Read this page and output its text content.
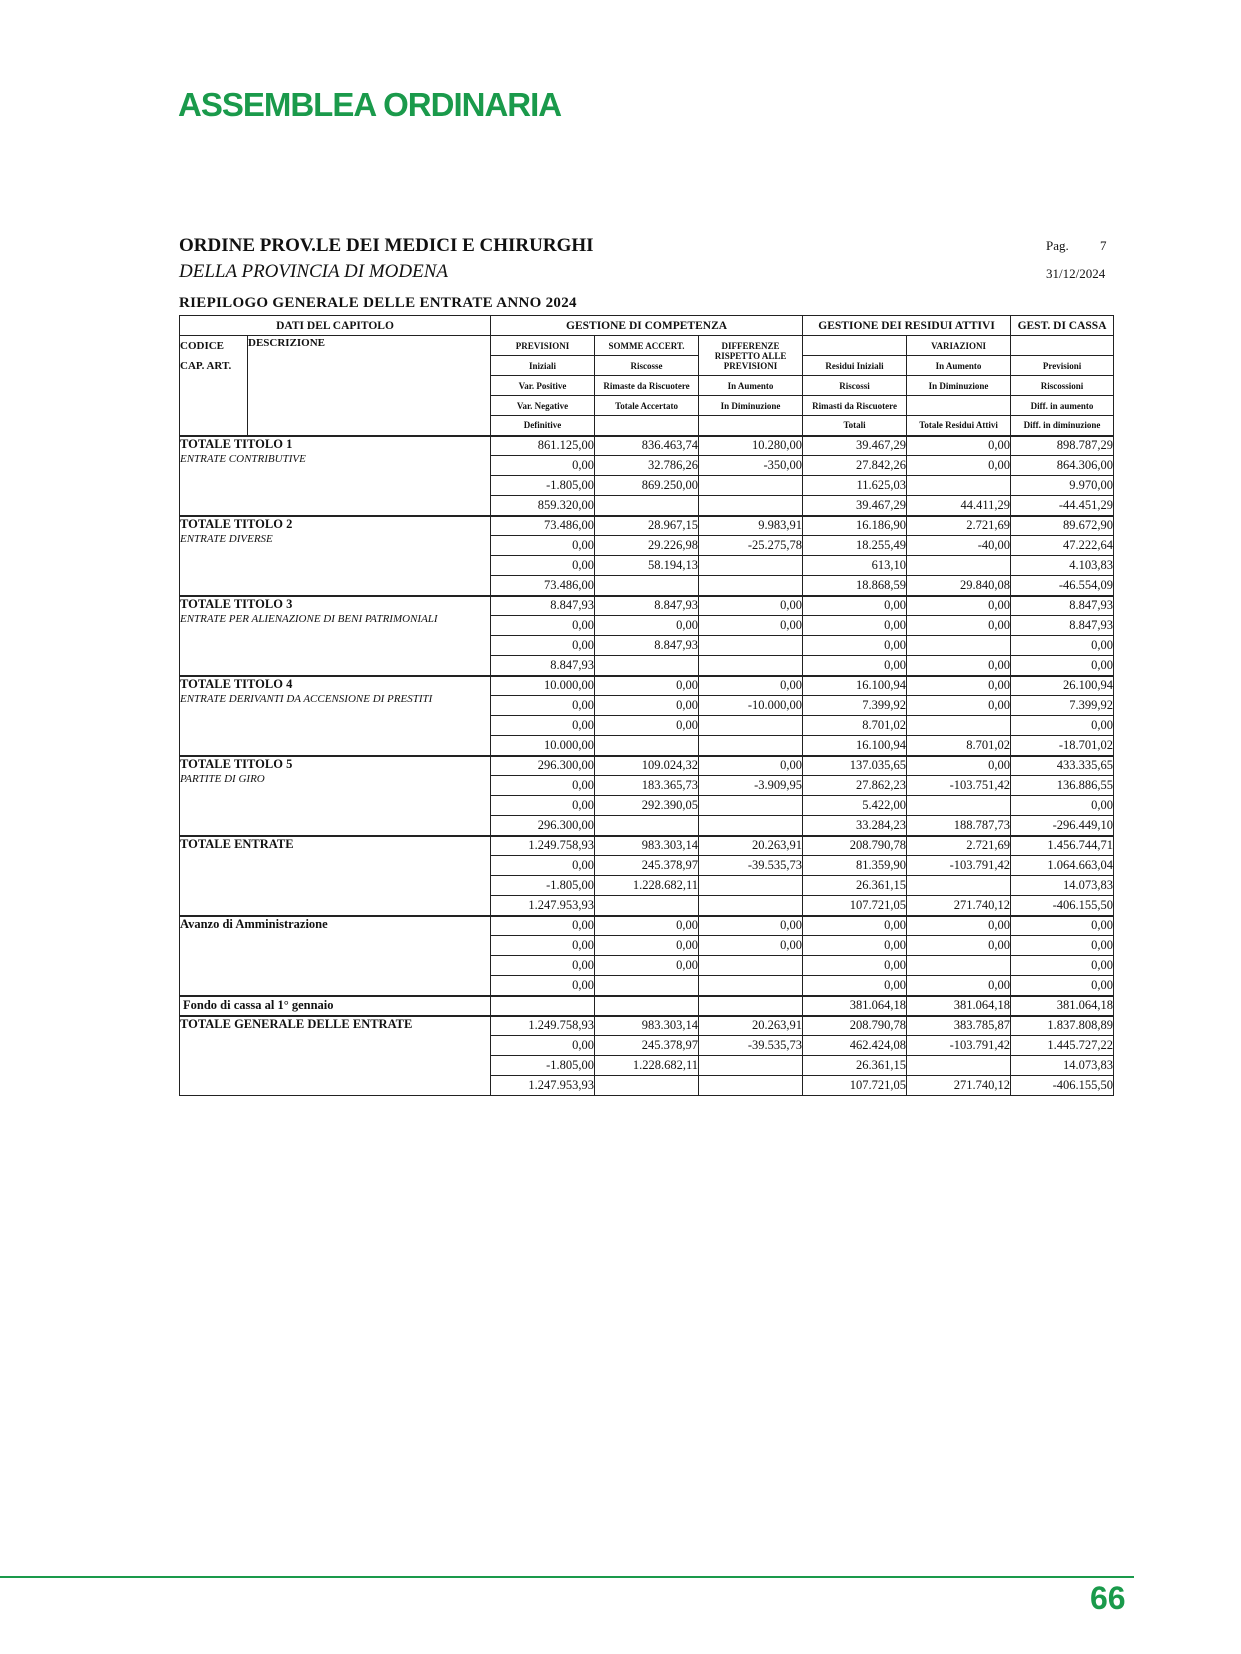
ASSEMBLEA ORDINARIA
ORDINE PROV.LE DEI MEDICI E CHIRURGHI
DELLA PROVINCIA DI MODENA
Pag. 7
31/12/2024
RIEPILOGO GENERALE DELLE ENTRATE ANNO 2024
DATI DEL CAPITOLO		GESTIONE DI COMPETENZA			GESTIONE DEI RESIDUI ATTIVI		GEST. DI CASSA
CODICE
CAP. ART.	DESCRIZIONE	PREVISIONI	SOMME ACCERT.	DIFFERENZE RISPETTO ALLE PREVISIONI		VARIAZIONI	
		Iniziali	Riscosse		Residui Iniziali	In Aumento	Previsioni
		Var. Positive	Rimaste da Riscuotere	In Aumento	Riscossi	In Diminuzione	Riscossioni
		Var. Negative	Totale Accertato	In Diminuzione	Rimasti da Riscuotere		Diff. in aumento
		Definitive			Totali	Totale Residui Attivi	Diff. in diminuzione

TOTALE TITOLO 1
ENTRATE CONTRIBUTIVE		861.125,00	836.463,74	10.280,00	39.467,29	0,00	898.787,29
		0,00	32.786,26	-350,00	27.842,26	0,00	864.306,00
		-1.805,00	869.250,00		11.625,03		9.970,00
		859.320,00			39.467,29	44.411,29	-44.451,29

TOTALE TITOLO 2
ENTRATE DIVERSE		73.486,00	28.967,15	9.983,91	16.186,90	2.721,69	89.672,90
		0,00	29.226,98	-25.275,78	18.255,49	-40,00	47.222,64
		0,00	58.194,13		613,10		4.103,83
		73.486,00			18.868,59	29.840,08	-46.554,09

TOTALE TITOLO 3
ENTRATE PER ALIENAZIONE DI BENI PATRIMONIALI		8.847,93	8.847,93	0,00	0,00	0,00	8.847,93
		0,00	0,00	0,00	0,00	0,00	8.847,93
		0,00	8.847,93		0,00		0,00
		8.847,93			0,00	0,00	0,00

TOTALE TITOLO 4
ENTRATE DERIVANTI DA ACCENSIONE DI PRESTITI		10.000,00	0,00	0,00	16.100,94	0,00	26.100,94
		0,00	0,00	-10.000,00	7.399,92	0,00	7.399,92
		0,00	0,00		8.701,02		0,00
		10.000,00			16.100,94	8.701,02	-18.701,02

TOTALE TITOLO 5
PARTITE DI GIRO		296.300,00	109.024,32	0,00	137.035,65	0,00	433.335,65
		0,00	183.365,73	-3.909,95	27.862,23	-103.751,42	136.886,55
		0,00	292.390,05		5.422,00		0,00
		296.300,00			33.284,23	188.787,73	-296.449,10

TOTALE ENTRATE		1.249.758,93	983.303,14	20.263,91	208.790,78	2.721,69	1.456.744,71
		0,00	245.378,97	-39.535,73	81.359,90	-103.791,42	1.064.663,04
		-1.805,00	1.228.682,11		26.361,15		14.073,83
		1.247.953,93			107.721,05	271.740,12	-406.155,50

Avanzo di Amministrazione		0,00	0,00	0,00	0,00	0,00	0,00
		0,00	0,00	0,00	0,00	0,00	0,00
		0,00	0,00		0,00		0,00
		0,00			0,00	0,00	0,00

Fondo di cassa al 1° gennaio					381.064,18	381.064,18	381.064,18

TOTALE GENERALE DELLE ENTRATE		1.249.758,93	983.303,14	20.263,91	208.790,78	383.785,87	1.837.808,89
		0,00	245.378,97	-39.535,73	462.424,08	-103.791,42	1.445.727,22
		-1.805,00	1.228.682,11		26.361,15		14.073,83
		1.247.953,93			107.721,05	271.740,12	-406.155,50
66
